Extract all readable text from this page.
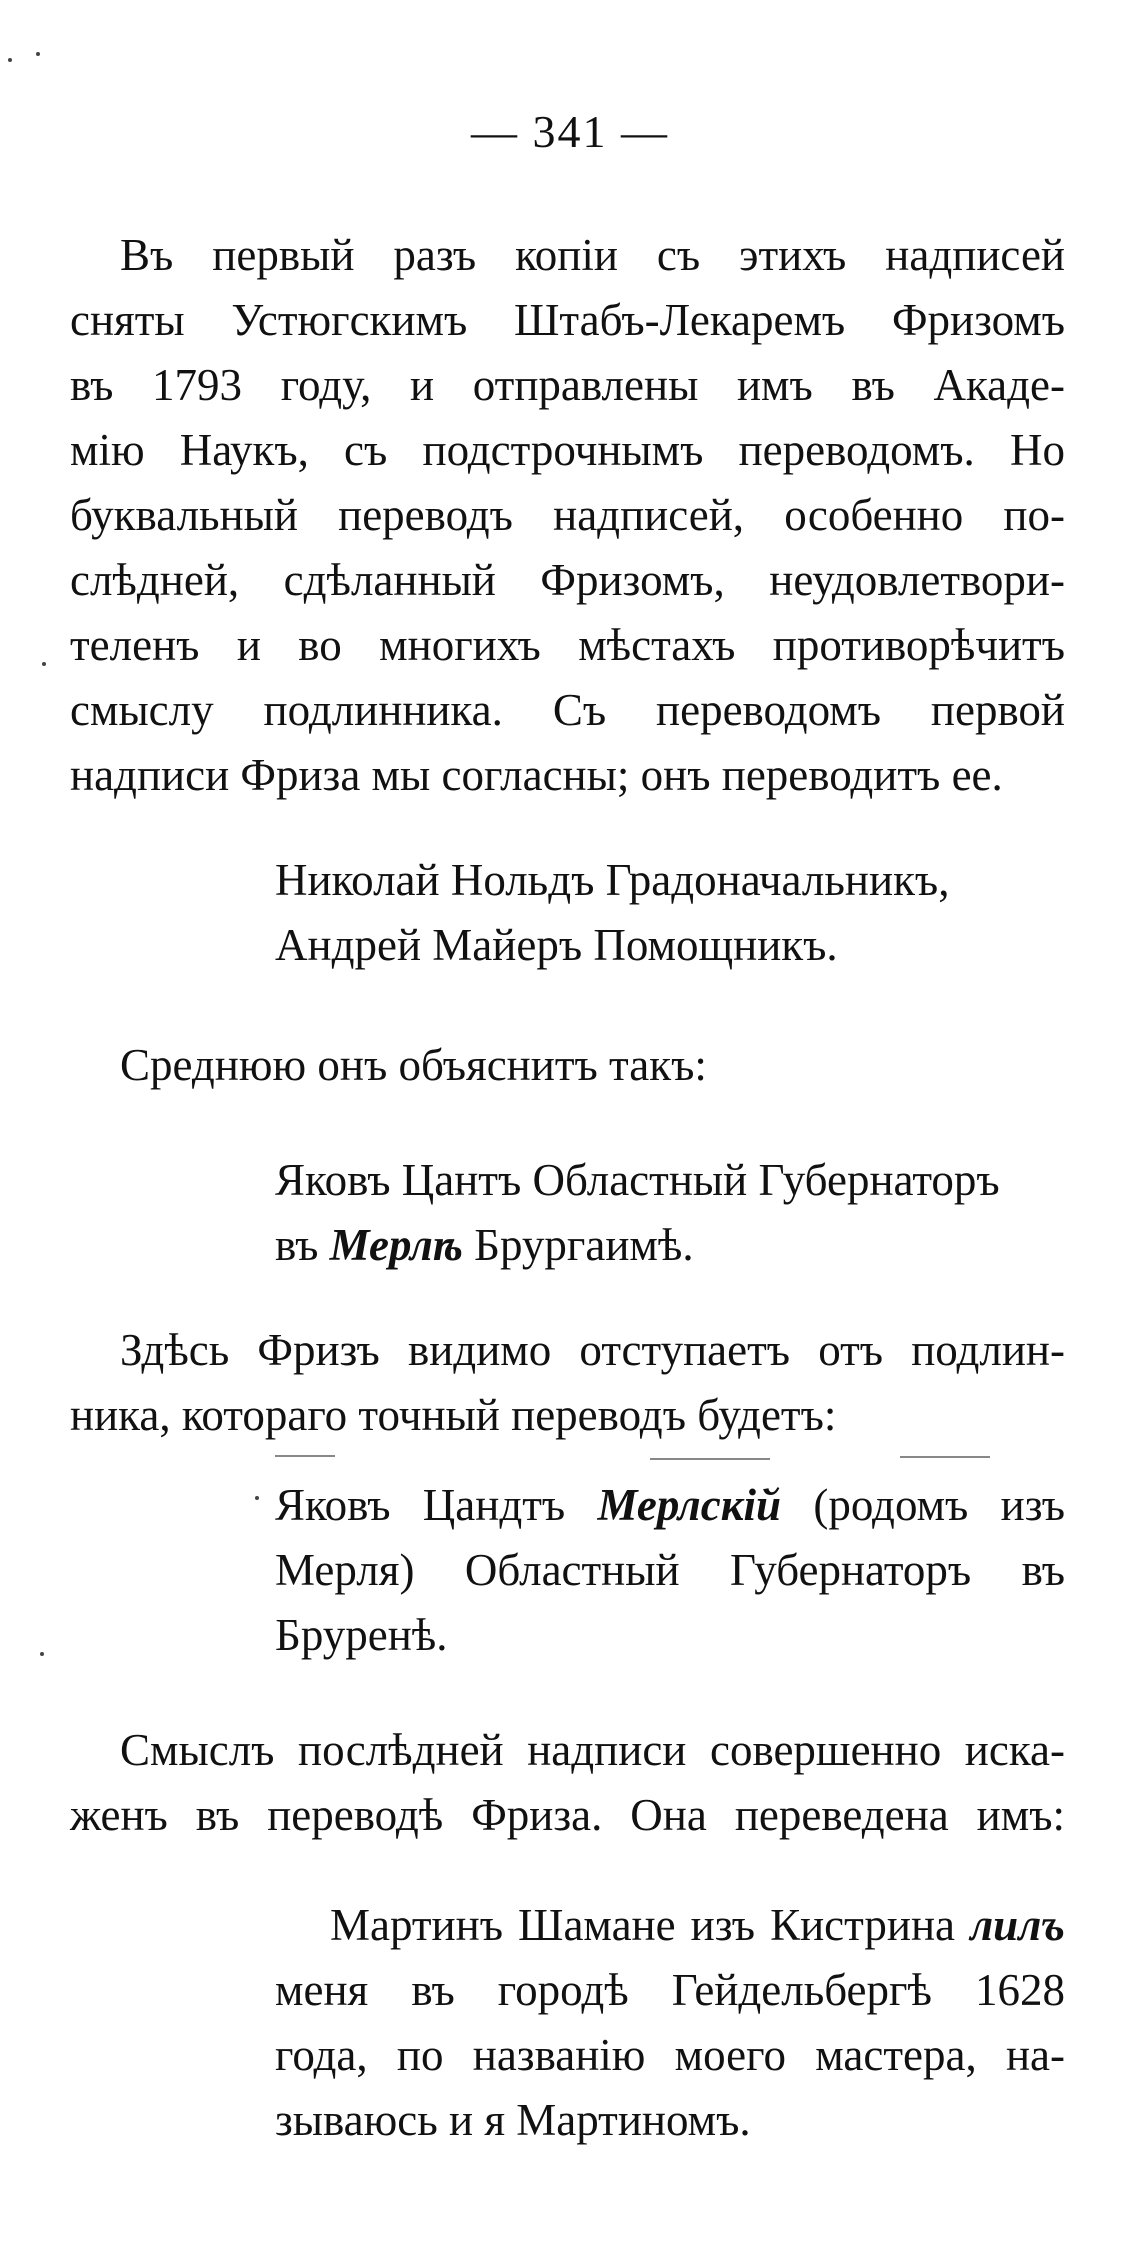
— 341 —
Въ первый разъ копіи съ этихъ надписей
сняты Устюгскимъ Штабъ-Лекаремъ Фризомъ
въ 1793 году, и отправлены имъ въ Акаде-
мію Наукъ, съ подстрочнымъ переводомъ. Но
буквальный переводъ надписей, особенно по-
слѣдней, сдѣланный Фризомъ, неудовлетвори-
теленъ и во многихъ мѣстахъ противорѣчитъ
смыслу подлинника. Съ переводомъ первой
надписи Фриза мы согласны; онъ переводитъ ее.
Николай Нольдъ Градоначальникъ,
Андрей Майеръ Помощникъ.
Среднюю онъ объяснитъ такъ:
Яковъ Цантъ Областный Губернаторъ
въ Мерлѣ Брургаимѣ.
Здѣсь Фризъ видимо отступаетъ отъ подлин-
ника, котораго точный переводъ будетъ:
Яковъ Цандтъ Мерлскій (родомъ изъ
Мерля) Областный Губернаторъ въ
Бруренѣ.
Смыслъ послѣдней надписи совершенно иска-
женъ въ переводѣ Фриза. Она переведена имъ:
Мартинъ Шамане изъ Кистрина лилъ
меня въ городѣ Гейдельбергѣ 1628
года, по названію моего мастера, на-
зываюсь и я Мартиномъ.
